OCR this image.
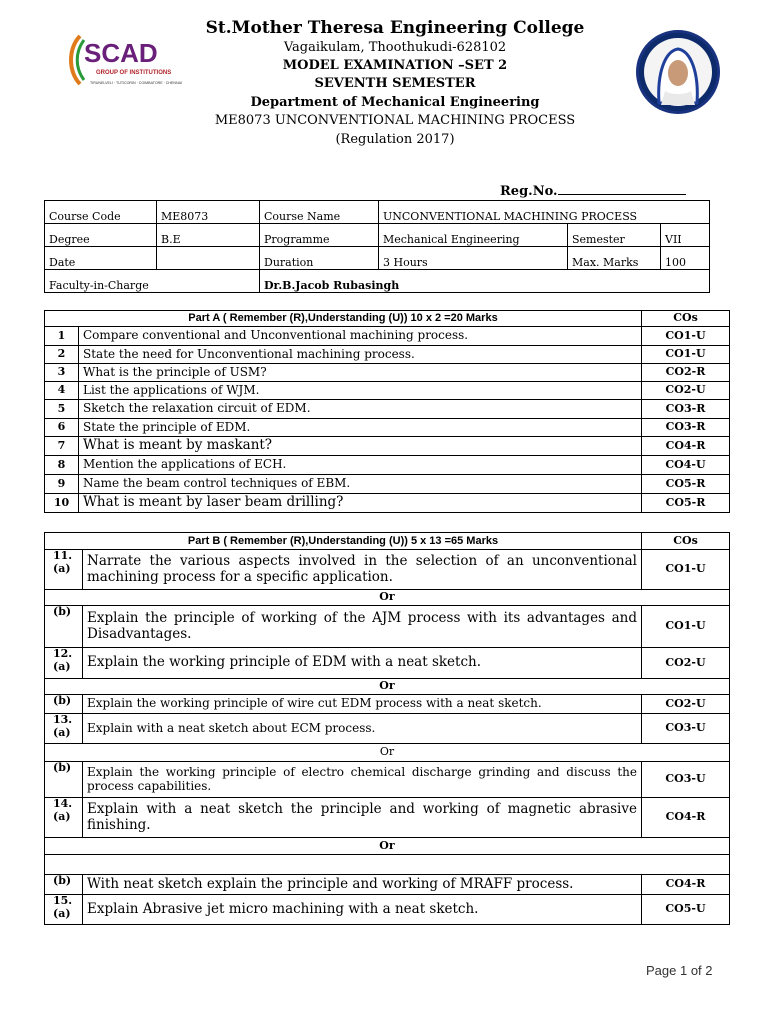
SCAD
GROUP OF INSTITUTIONS
TIRUNELVELI · TUTICORIN · COIMBATORE · CHENNAI
St.Mother Theresa Engineering College
Vagaikulam, Thoothukudi-628102
MODEL EXAMINATION –SET 2
SEVENTH SEMESTER
Department of Mechanical Engineering
ME8073 UNCONVENTIONAL MACHINING PROCESS
(Regulation 2017)
Reg.No.
Course Code	ME8073	Course Name	UNCONVENTIONAL MACHINING PROCESS		
Degree	B.E	Programme	Mechanical Engineering	Semester	VII
Date		Duration	3 Hours	Max. Marks	100
Faculty-in-Charge		Dr.B.Jacob Rubasingh			
Part A ( Remember (R),Understanding (U)) 10 x 2 =20 Marks		COs
1	Compare conventional and Unconventional machining process.	CO1-U
2	State the need for Unconventional machining process.	CO1-U
3	What is the principle of USM?	CO2-R
4	List the applications of WJM.	CO2-U
5	Sketch the relaxation circuit of EDM.	CO3-R
6	State the principle of EDM.	CO3-R
7	What is meant by maskant?	CO4-R
8	Mention the applications of ECH.	CO4-U
9	Name the beam control techniques of EBM.	CO5-R
10	What is meant by laser beam drilling?	CO5-R
Part B ( Remember (R),Understanding (U)) 5 x 13 =65 Marks		COs
11.
(a)	Narrate the various aspects involved in the selection of an unconventional machining process for a specific application.	CO1-U
Or		
(b)	Explain the principle of working of the AJM process with its advantages and Disadvantages.	CO1-U
12.
(a)	Explain the working principle of EDM with a neat sketch.	CO2-U
Or		
(b)	Explain the working principle of wire cut EDM process with a neat sketch.	CO2-U
13.
(a)	Explain with a neat sketch about ECM process.	CO3-U
Or		
(b)	Explain the working principle of electro chemical discharge grinding and discuss the process capabilities.	CO3-U
14.
(a)	Explain with a neat sketch the principle and working of magnetic abrasive finishing.	CO4-R
Or		

(b)	With neat sketch explain the principle and working of MRAFF process.	CO4-R
15.
(a)	Explain Abrasive jet micro machining with a neat sketch.	CO5-U
Page 1 of 2
